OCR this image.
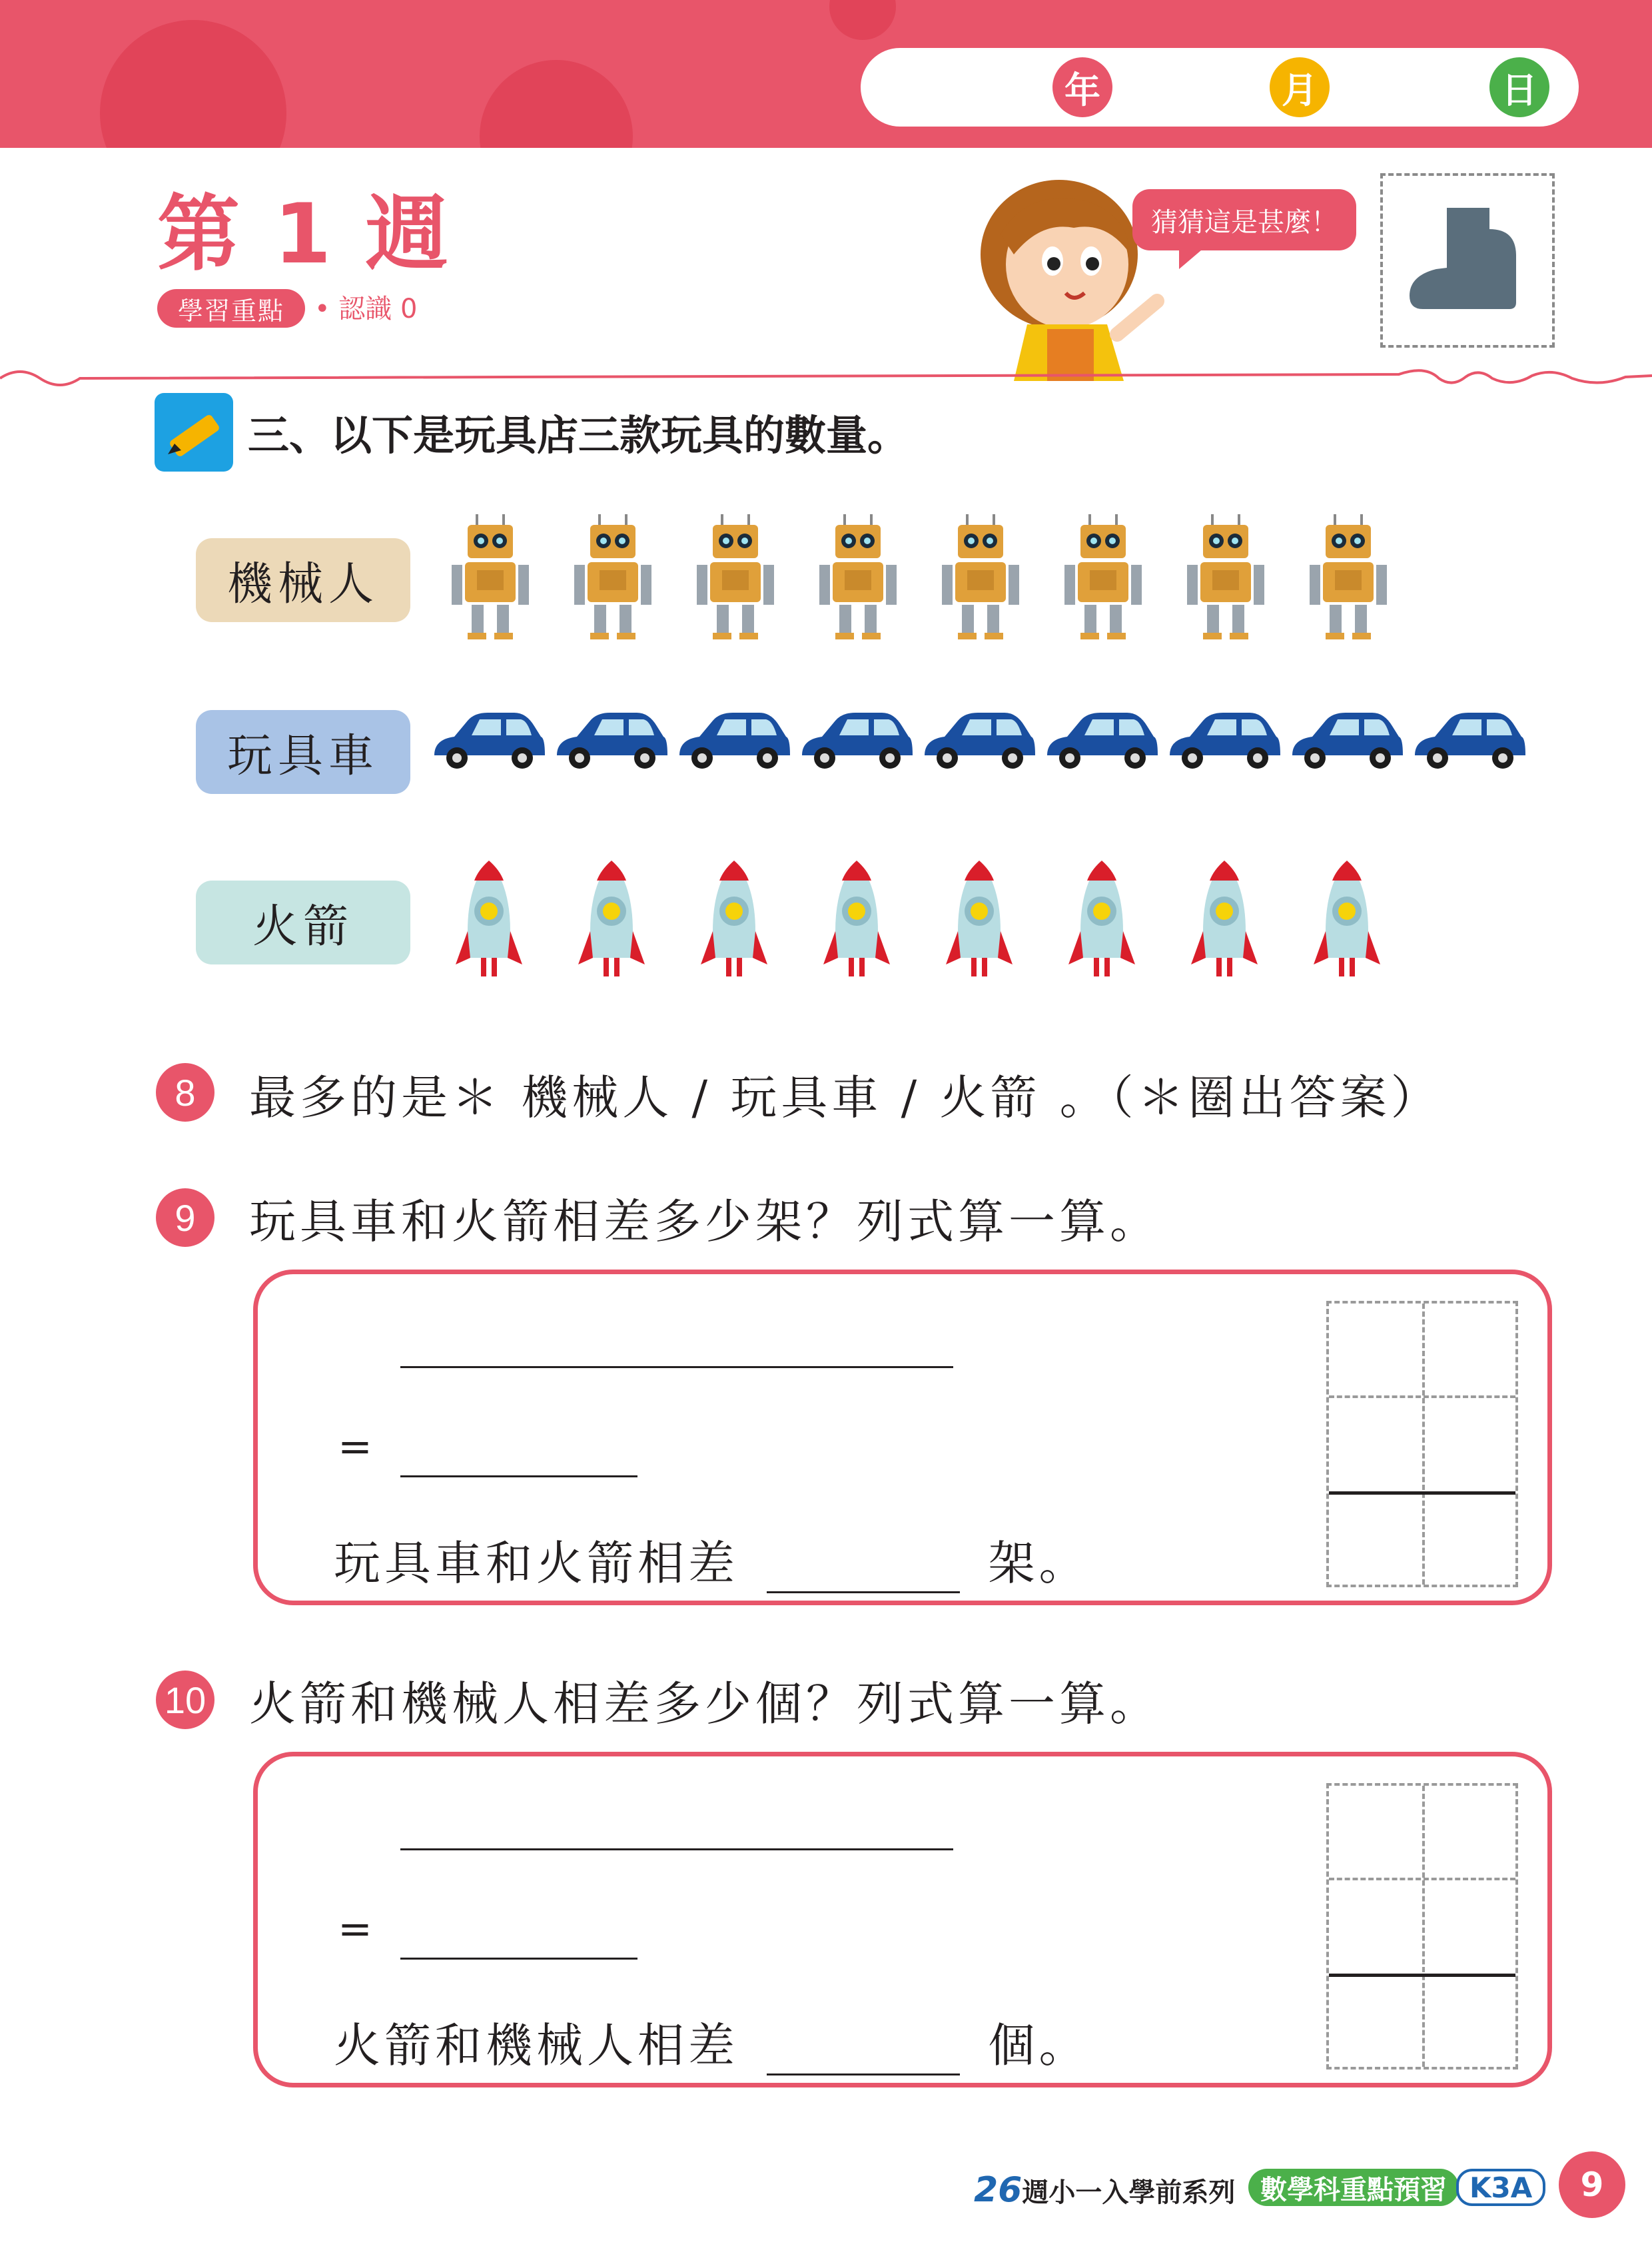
年	月	日
第 1 週
學習重點	• 認識 0
猜猜這是甚麼！
三、以下是玩具店三款玩具的數量。
機械人
玩具車
火箭
8	最多的是＊ 機械人 / 玩具車 / 火箭 。（＊圈出答案）
9	玩具車和火箭相差多少架？列式算一算。
=
玩具車和火箭相差	架。
10 火箭和機械人相差多少個？列式算一算。
=
火箭和機械人相差	個。
26週小一入學前系列 數學科重點預習 K3A	9
